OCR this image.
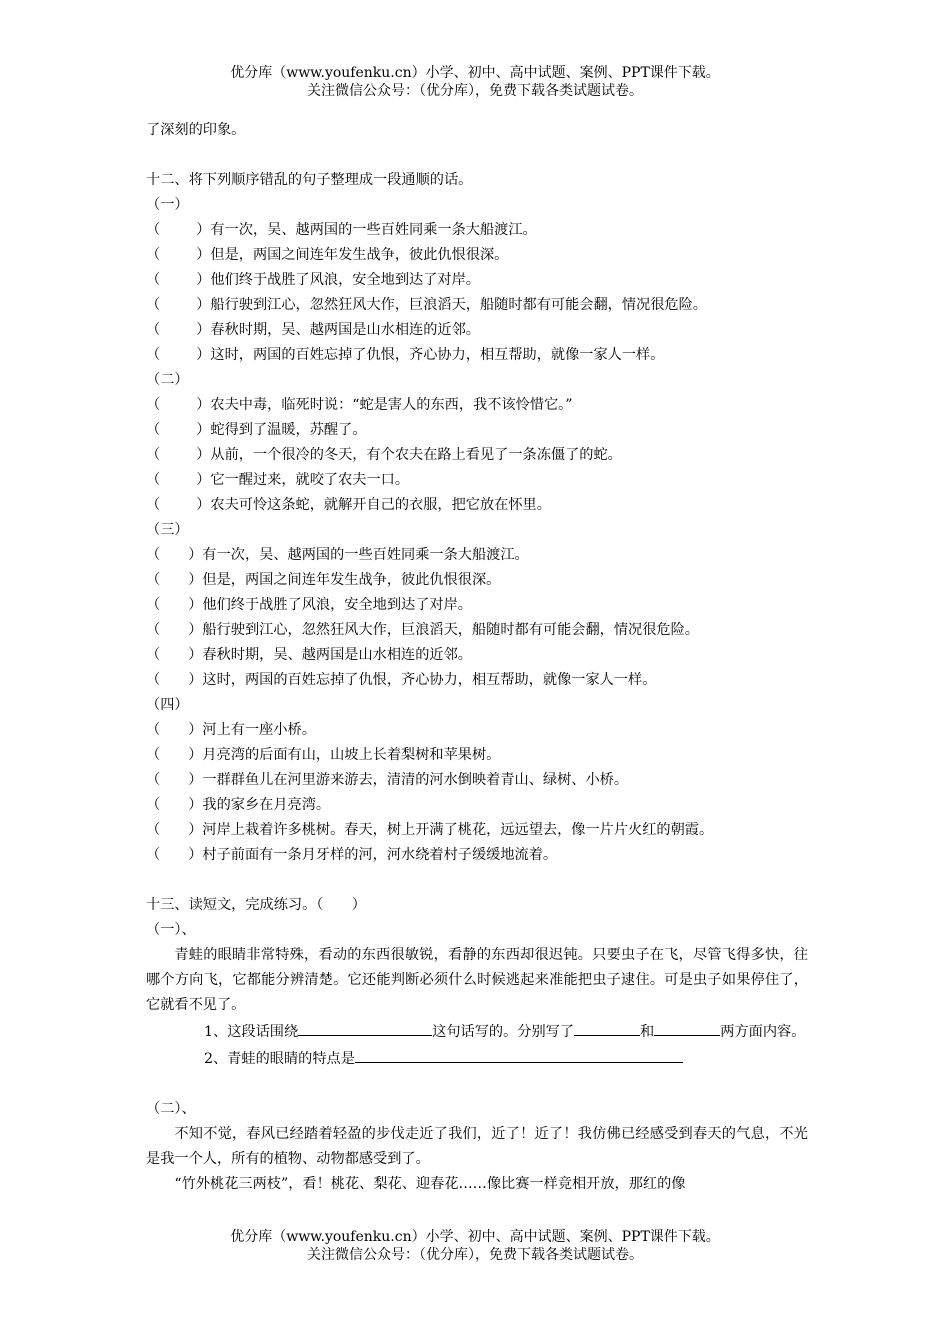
优分库（www.youfenku.cn）小学、初中、高中试题、案例、PPT课件下载。
关注微信公众号：（优分库），免费下载各类试题试卷。
了深刻的印象。
十二、将下列顺序错乱的句子整理成一段通顺的话。
（一）
（	）有一次，吴、越两国的一些百姓同乘一条大船渡江。
（	）但是，两国之间连年发生战争，彼此仇恨很深。
（	）他们终于战胜了风浪，安全地到达了对岸。
（	）船行驶到江心，忽然狂风大作，巨浪滔天，船随时都有可能会翻，情况很危险。
（	）春秋时期，吴、越两国是山水相连的近邻。
（	）这时，两国的百姓忘掉了仇恨，齐心协力，相互帮助，就像一家人一样。
（二）
（	）农夫中毒，临死时说：“蛇是害人的东西，我不该怜惜它。”
（	）蛇得到了温暖，苏醒了。
（	）从前，一个很冷的冬天，有个农夫在路上看见了一条冻僵了的蛇。
（	）它一醒过来，就咬了农夫一口。
（	）农夫可怜这条蛇，就解开自己的衣服，把它放在怀里。
（三）
（ ）有一次，吴、越两国的一些百姓同乘一条大船渡江。
（ ）但是，两国之间连年发生战争，彼此仇恨很深。
（ ）他们终于战胜了风浪，安全地到达了对岸。
（ ）船行驶到江心，忽然狂风大作，巨浪滔天，船随时都有可能会翻，情况很危险。
（ ）春秋时期，吴、越两国是山水相连的近邻。
（ ）这时，两国的百姓忘掉了仇恨，齐心协力，相互帮助，就像一家人一样。
（四）
（ ）河上有一座小桥。
（ ）月亮湾的后面有山，山坡上长着梨树和苹果树。
（ ）一群群鱼儿在河里游来游去，清清的河水倒映着青山、绿树、小桥。
（ ）我的家乡在月亮湾。
（ ）河岸上栽着许多桃树。春天，树上开满了桃花，远远望去，像一片片火红的朝霞。
（ ）村子前面有一条月牙样的河，河水绕着村子缓缓地流着。
十三、读短文，完成练习。（　　）
（一）、
青蛙的眼睛非常特殊，看动的东西很敏锐，看静的东西却很迟钝。只要虫子在飞，尽管飞得多快，往哪个方向飞，它都能分辨清楚。它还能判断必须什么时候逃起来准能把虫子逮住。可是虫子如果停住了，它就看不见了。
1、这段话围绕	这句话写的。分别写了	和	两方面内容。
2、青蛙的眼睛的特点是
（二）、
不知不觉，春风已经踏着轻盈的步伐走近了我们，近了！近了！我仿佛已经感受到春天的气息，不光是我一个人，所有的植物、动物都感受到了。
“竹外桃花三两枝”，看！桃花、梨花、迎春花……像比赛一样竞相开放，那红的像
优分库（www.youfenku.cn）小学、初中、高中试题、案例、PPT课件下载。
关注微信公众号：（优分库），免费下载各类试题试卷。
